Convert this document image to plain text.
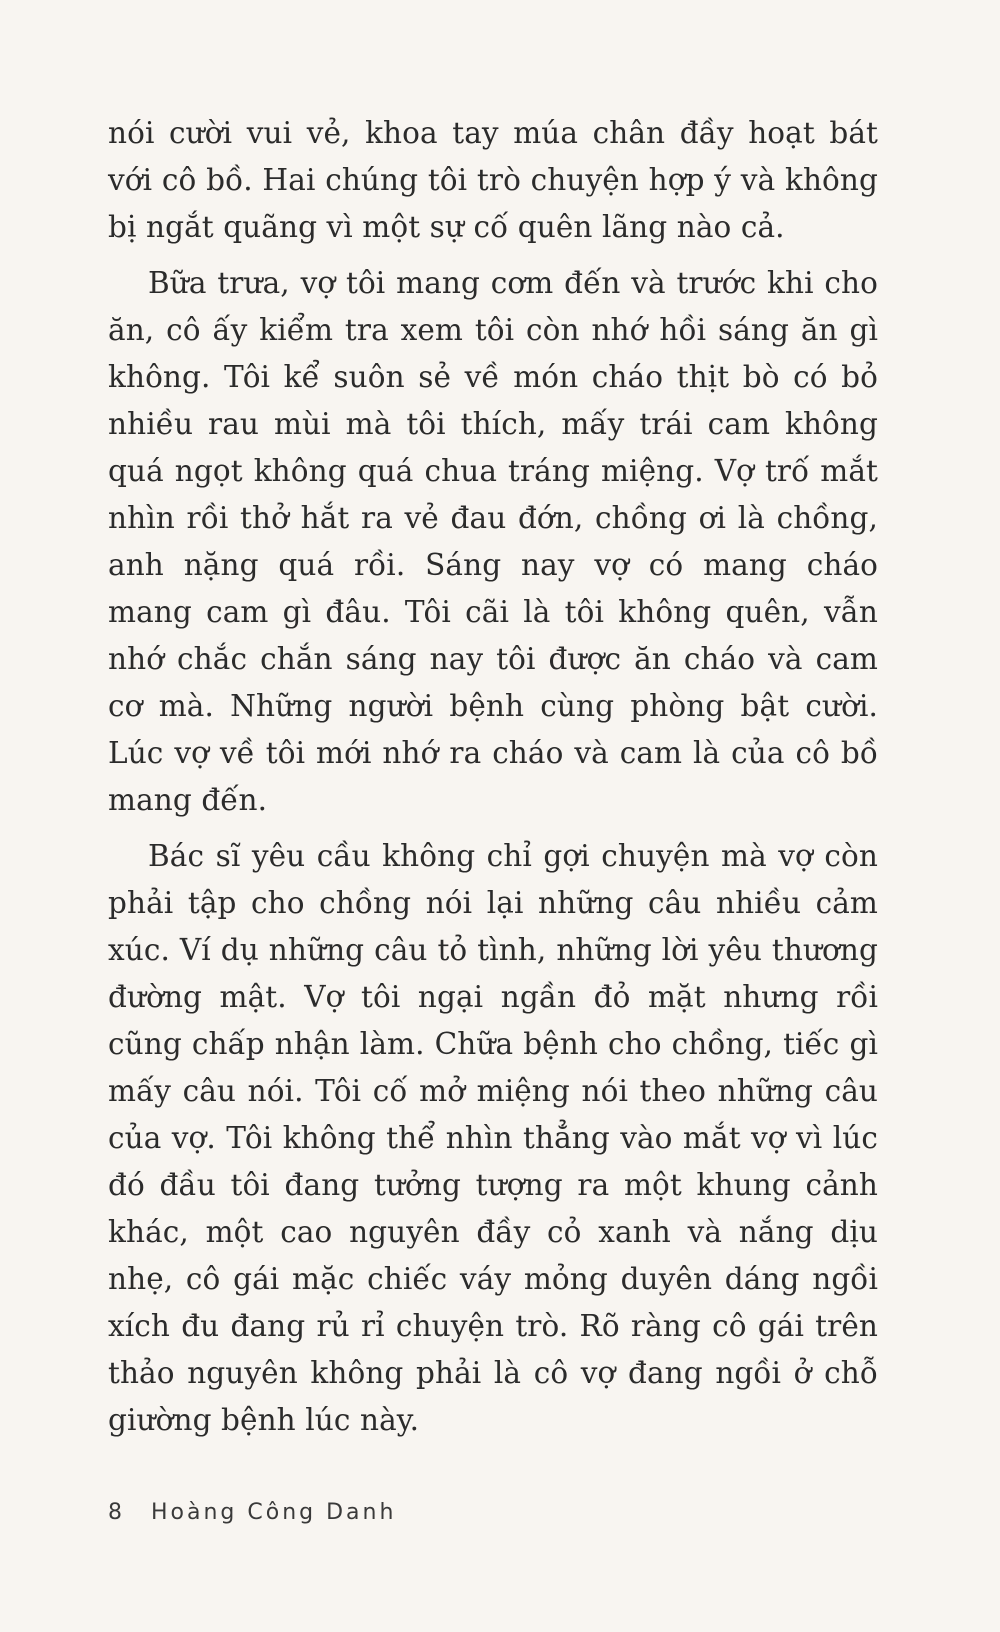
nói cười vui vẻ, khoa tay múa chân đầy hoạt bát với cô bồ. Hai chúng tôi trò chuyện hợp ý và không bị ngắt quãng vì một sự cố quên lãng nào cả.

Bữa trưa, vợ tôi mang cơm đến và trước khi cho ăn, cô ấy kiểm tra xem tôi còn nhớ hồi sáng ăn gì không. Tôi kể suôn sẻ về món cháo thịt bò có bỏ nhiều rau mùi mà tôi thích, mấy trái cam không quá ngọt không quá chua tráng miệng. Vợ trố mắt nhìn rồi thở hắt ra vẻ đau đớn, chồng ơi là chồng, anh nặng quá rồi. Sáng nay vợ có mang cháo mang cam gì đâu. Tôi cãi là tôi không quên, vẫn nhớ chắc chắn sáng nay tôi được ăn cháo và cam cơ mà. Những người bệnh cùng phòng bật cười. Lúc vợ về tôi mới nhớ ra cháo và cam là của cô bồ mang đến.

Bác sĩ yêu cầu không chỉ gợi chuyện mà vợ còn phải tập cho chồng nói lại những câu nhiều cảm xúc. Ví dụ những câu tỏ tình, những lời yêu thương đường mật. Vợ tôi ngại ngần đỏ mặt nhưng rồi cũng chấp nhận làm. Chữa bệnh cho chồng, tiếc gì mấy câu nói. Tôi cố mở miệng nói theo những câu của vợ. Tôi không thể nhìn thẳng vào mắt vợ vì lúc đó đầu tôi đang tưởng tượng ra một khung cảnh khác, một cao nguyên đầy cỏ xanh và nắng dịu nhẹ, cô gái mặc chiếc váy mỏng duyên dáng ngồi xích đu đang rủ rỉ chuyện trò. Rõ ràng cô gái trên thảo nguyên không phải là cô vợ đang ngồi ở chỗ giường bệnh lúc này.

8 Hoàng Công Danh
